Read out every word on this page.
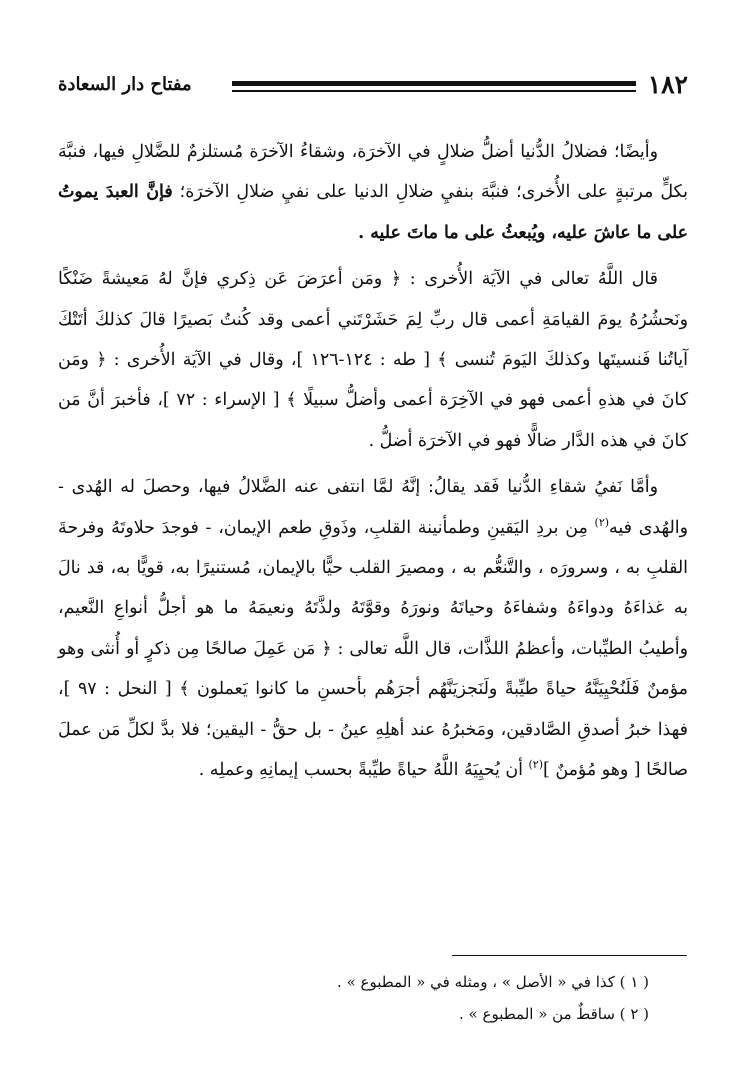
١٨٢
مفتاح دار السعادة

وأيضًا؛ فضلالُ الدُّنيا أضلُّ ضلالٍ في الآخرَة، وشقاءُ الآخرَة مُستلزمٌ للضَّلالِ فيها، فنبَّهَ بكلٍّ مرتبةٍ على الأُخرى؛ فنبَّهَ بنفيِ ضلالِ الدنيا على نفيِ ضلالِ الآخرَة؛ فإنَّ العبدَ يموتُ على ما عاشَ عليه، ويُبعثُ على ما ماتَ عليه .

قال اللَّهُ تعالى في الآيَة الأُخرى : ﴿ ومَن أعرَضَ عَن ذِكري فإنَّ لهُ مَعيشةً ضَنْكًا ونَحشُرُهُ يومَ القيامَةِ أعمى قال ربِّ لِمَ حَشَرْتَني أعمى وقد كُنتُ بَصيرًا قالَ كذلكَ أتَتْكَ آياتُنا فَنسيتَها وكذلكَ اليَومَ تُنسى ﴾ [ طه : ١٢٤-١٢٦ ]، وقال في الآيَة الأُخرى : ﴿ ومَن كانَ في هذهِ أعمى فهو في الآخِرَة أعمى وأضلُّ سبيلًا ﴾ [ الإسراء : ٧٢ ]، فأخبرَ أنَّ مَن كانَ في هذه الدَّار ضالًّا فهو في الآخرَة أضلُّ .

وأمَّا نَفيُ شقاءِ الدُّنيا فَقد يقالُ: إنَّهُ لمَّا انتفى عنه الضَّلالُ فيها، وحصلَ له الهُدى - والهُدى فيه$^{(٢)}$ مِن بردِ اليَقينِ وطمأنينة القلبِ، وذَوقِ طعم الإيمان، - فوجدَ حلاوتَهُ وفرحةَ القلبِ به ، وسرورَه ، والتَّنعُّم به ، ومصيرَ القلب حيًّا بالإيمان، مُستنيرًا به، قويًّا به، قد نالَ به غذاءَهُ ودواءَهُ وشفاءَهُ وحياتَهُ ونورَهُ وقوَّتَهُ ولذَّتَهُ ونعيمَهُ ما هو أجلُّ أنواعِ النَّعيم، وأطيبُ الطيِّبات، وأعظمُ اللذَّات، قال اللَّه تعالى : ﴿ مَن عَمِلَ صالحًا مِن ذكرٍ أو أُنثى وهو مؤمنٌ فَلَنُحْيِيَنَّهُ حياةً طيِّبةً ولَنَجزيَنَّهُم أجرَهُم بأحسنِ ما كانوا يَعملون ﴾ [ النحل : ٩٧ ]، فهذا خبرُ أصدقِ الصَّادقين، ومَخبرُهُ عند أهلِهِ عينُ - بل حقُّ - اليقين؛ فلا بدَّ لكلِّ مَن عملَ صالحًا [ وهو مُؤمنٌ ]$^{(٢)}$ أن يُحيِيَهُ اللَّهُ حياةً طيِّبةً بحسب إيمانِهِ وعملِه .

( ١ ) كذا في « الأصل » ، ومثله في « المطبوع » .

( ٢ ) ساقطٌ من « المطبوع » .
